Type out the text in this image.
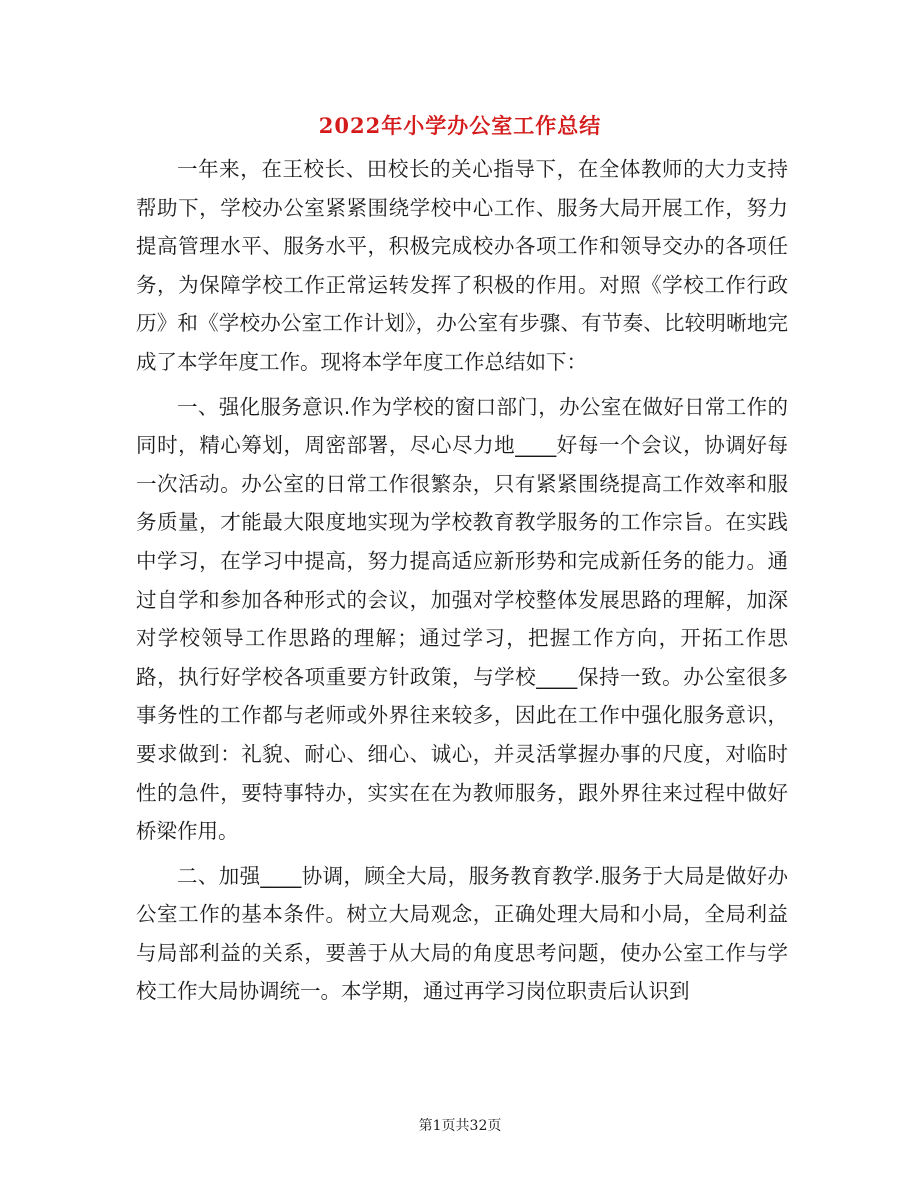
2022年小学办公室工作总结

一年来，在王校长、田校长的关心指导下，在全体教师的大力支持帮助下，学校办公室紧紧围绕学校中心工作、服务大局开展工作，努力提高管理水平、服务水平，积极完成校办各项工作和领导交办的各项任务，为保障学校工作正常运转发挥了积极的作用。对照《学校工作行政历》和《学校办公室工作计划》，办公室有步骤、有节奏、比较明晰地完成了本学年度工作。现将本学年度工作总结如下：

一、强化服务意识.作为学校的窗口部门，办公室在做好日常工作的同时，精心筹划，周密部署，尽心尽力地____好每一个会议，协调好每一次活动。办公室的日常工作很繁杂，只有紧紧围绕提高工作效率和服务质量，才能最大限度地实现为学校教育教学服务的工作宗旨。在实践中学习，在学习中提高，努力提高适应新形势和完成新任务的能力。通过自学和参加各种形式的会议，加强对学校整体发展思路的理解，加深对学校领导工作思路的理解；通过学习，把握工作方向，开拓工作思路，执行好学校各项重要方针政策，与学校____保持一致。办公室很多事务性的工作都与老师或外界往来较多，因此在工作中强化服务意识，要求做到：礼貌、耐心、细心、诚心，并灵活掌握办事的尺度，对临时性的急件，要特事特办，实实在在为教师服务，跟外界往来过程中做好桥梁作用。

二、加强____协调，顾全大局，服务教育教学.服务于大局是做好办公室工作的基本条件。树立大局观念，正确处理大局和小局，全局利益与局部利益的关系，要善于从大局的角度思考问题，使办公室工作与学校工作大局协调统一。本学期，通过再学习岗位职责后认识到

第1页共32页
